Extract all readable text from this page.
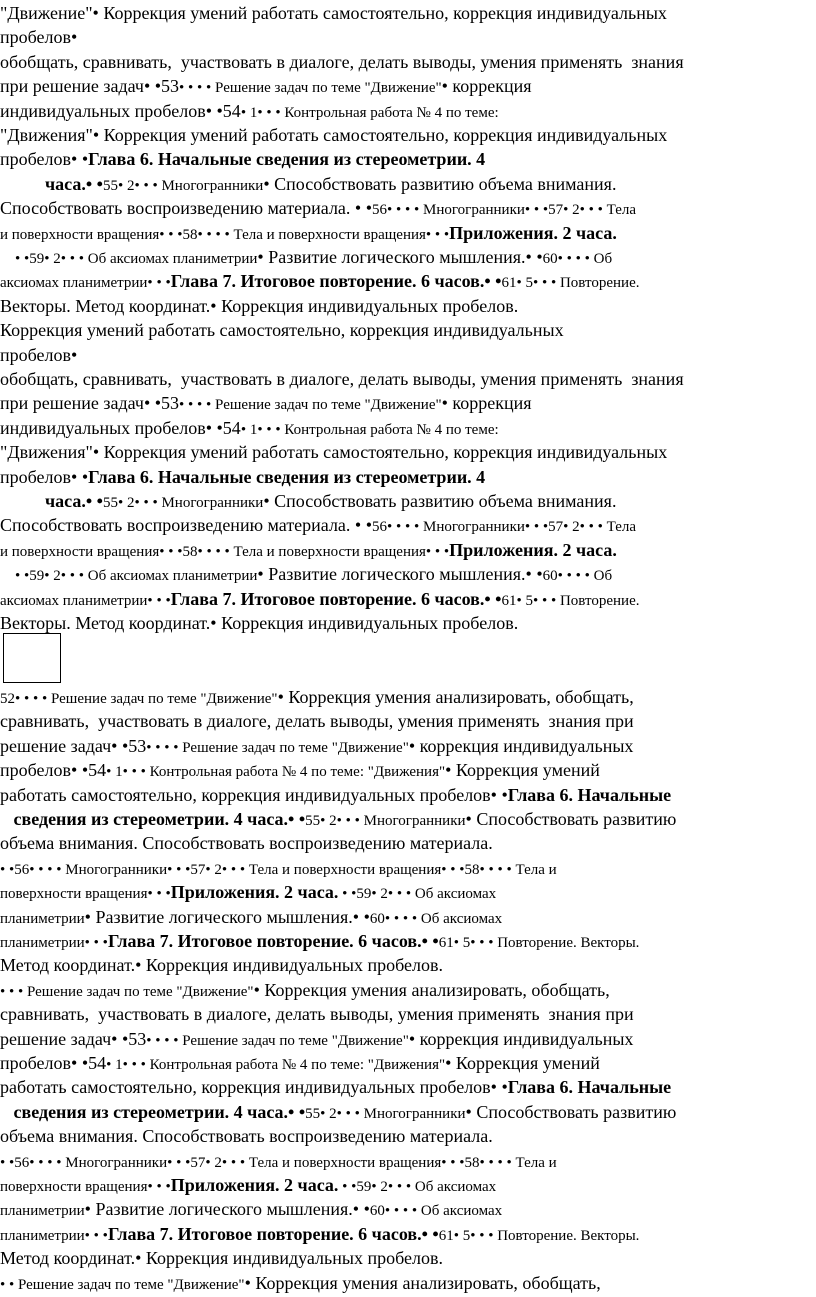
"Движение"• Коррекция умений работать самостоятельно, коррекция индивидуальных
пробелов•
обобщать, сравнивать,  участвовать в диалоге, делать выводы, умения применять  знания
при решение задач• •53• • • • Решение задач по теме "Движение"• коррекция
индивидуальных пробелов• •54• 1• • • Контрольная работа № 4 по теме:
"Движения"• Коррекция умений работать самостоятельно, коррекция индивидуальных
пробелов• •Глава 6. Начальные сведения из стереометрии. 4
часа.• •55• 2• • • Многогранники• Способствовать развитию объема внимания.
Способствовать воспроизведению материала. • •56• • • • Многогранники• • •57• 2• • • Тела
и поверхности вращения• • •58• • • • Тела и поверхности вращения• • •Приложения. 2 часа.
• •59• 2• • • Об аксиомах планиметрии• Развитие логического мышления.• •60• • • • Об
аксиомах планиметрии• • •Глава 7. Итоговое повторение. 6 часов.• •61• 5• • • Повторение.
Векторы. Метод координат.• Коррекция индивидуальных пробелов.
Коррекция умений работать самостоятельно, коррекция индивидуальных
пробелов•
обобщать, сравнивать,  участвовать в диалоге, делать выводы, умения применять  знания
при решение задач• •53• • • • Решение задач по теме "Движение"• коррекция
индивидуальных пробелов• •54• 1• • • Контрольная работа № 4 по теме:
"Движения"• Коррекция умений работать самостоятельно, коррекция индивидуальных
пробелов• •Глава 6. Начальные сведения из стереометрии. 4
часа.• •55• 2• • • Многогранники• Способствовать развитию объема внимания.
Способствовать воспроизведению материала. • •56• • • • Многогранники• • •57• 2• • • Тела
и поверхности вращения• • •58• • • • Тела и поверхности вращения• • •Приложения. 2 часа.
• •59• 2• • • Об аксиомах планиметрии• Развитие логического мышления.• •60• • • • Об
аксиомах планиметрии• • •Глава 7. Итоговое повторение. 6 часов.• •61• 5• • • Повторение.
Векторы. Метод координат.• Коррекция индивидуальных пробелов.
52• • • • Решение задач по теме "Движение"• Коррекция умения анализировать, обобщать,
сравнивать,  участвовать в диалоге, делать выводы, умения применять  знания при
решение задач• •53• • • • Решение задач по теме "Движение"• коррекция индивидуальных
пробелов• •54• 1• • • Контрольная работа № 4 по теме: "Движения"• Коррекция умений
работать самостоятельно, коррекция индивидуальных пробелов• •Глава 6. Начальные
сведения из стереометрии. 4 часа.• •55• 2• • • Многогранники• Способствовать развитию
объема внимания. Способствовать воспроизведению материала.
• •56• • • • Многогранники• • •57• 2• • • Тела и поверхности вращения• • •58• • • • Тела и
поверхности вращения• • •Приложения. 2 часа. • •59• 2• • • Об аксиомах
планиметрии• Развитие логического мышления.• •60• • • • Об аксиомах
планиметрии• • •Глава 7. Итоговое повторение. 6 часов.• •61• 5• • • Повторение. Векторы.
Метод координат.• Коррекция индивидуальных пробелов.
• • • Решение задач по теме "Движение"• Коррекция умения анализировать, обобщать,
сравнивать,  участвовать в диалоге, делать выводы, умения применять  знания при
решение задач• •53• • • • Решение задач по теме "Движение"• коррекция индивидуальных
пробелов• •54• 1• • • Контрольная работа № 4 по теме: "Движения"• Коррекция умений
работать самостоятельно, коррекция индивидуальных пробелов• •Глава 6. Начальные
сведения из стереометрии. 4 часа.• •55• 2• • • Многогранники• Способствовать развитию
объема внимания. Способствовать воспроизведению материала.
• •56• • • • Многогранники• • •57• 2• • • Тела и поверхности вращения• • •58• • • • Тела и
поверхности вращения• • •Приложения. 2 часа. • •59• 2• • • Об аксиомах
планиметрии• Развитие логического мышления.• •60• • • • Об аксиомах
планиметрии• • •Глава 7. Итоговое повторение. 6 часов.• •61• 5• • • Повторение. Векторы.
Метод координат.• Коррекция индивидуальных пробелов.
• • Решение задач по теме "Движение"• Коррекция умения анализировать, обобщать,
